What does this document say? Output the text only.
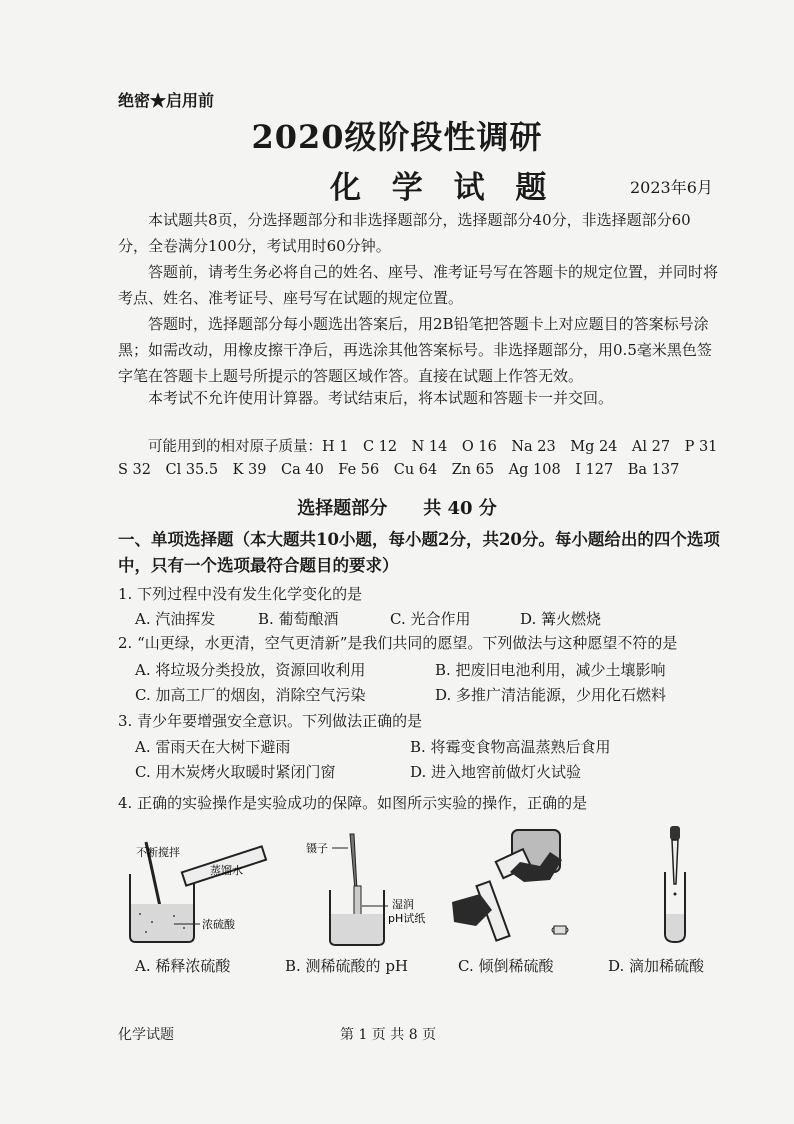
绝密★启用前
2020级阶段性调研
化 学 试 题	2023年6月
本试题共8页，分选择题部分和非选择题部分，选择题部分40分，非选择题部分60分，全卷满分100分，考试用时60分钟。
答题前，请考生务必将自己的姓名、座号、准考证号写在答题卡的规定位置，并同时将考点、姓名、准考证号、座号写在试题的规定位置。
答题时，选择题部分每小题选出答案后，用2B铅笔把答题卡上对应题目的答案标号涂黑；如需改动，用橡皮擦干净后，再选涂其他答案标号。非选择题部分，用0.5毫米黑色签字笔在答题卡上题号所提示的答题区域作答。直接在试题上作答无效。
本考试不允许使用计算器。考试结束后，将本试题和答题卡一并交回。
可能用到的相对原子质量：H 1　C 12　N 14　O 16　Na 23　Mg 24　Al 27　P 31
S 32　Cl 35.5　K 39　Ca 40　Fe 56　Cu 64　Zn 65　Ag 108　I 127　Ba 137
选择题部分　　共 40 分
一、单项选择题（本大题共10小题，每小题2分，共20分。每小题给出的四个选项中，只有一个选项最符合题目的要求）
1. 下列过程中没有发生化学变化的是
A. 汽油挥发	B. 葡萄酿酒	C. 光合作用	D. 篝火燃烧
2. “山更绿，水更清，空气更清新”是我们共同的愿望。下列做法与这种愿望不符的是
A. 将垃圾分类投放，资源回收利用	B. 把废旧电池利用，减少土壤影响
C. 加高工厂的烟囱，消除空气污染	D. 多推广清洁能源，少用化石燃料
3. 青少年要增强安全意识。下列做法正确的是
A. 雷雨天在大树下避雨	B. 将霉变食物高温蒸熟后食用
C. 用木炭烤火取暖时紧闭门窗	D. 进入地窖前做灯火试验
4. 正确的实验操作是实验成功的保障。如图所示实验的操作，正确的是
不断搅拌
蒸馏水
浓硫酸
A. 稀释浓硫酸
镊子
湿润
pH试纸
B. 测稀硫酸的 pH	C. 倾倒稀硫酸	D. 滴加稀硫酸
化学试题	第 1 页 共 8 页
